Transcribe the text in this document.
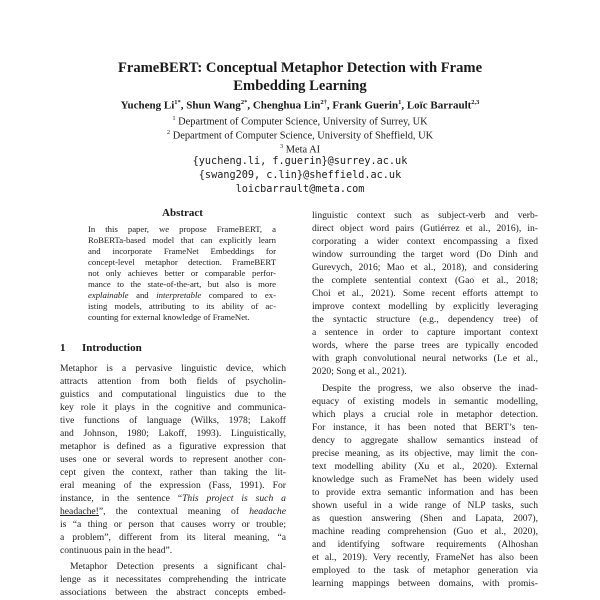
FrameBERT: Conceptual Metaphor Detection with Frame
Embedding Learning
Yucheng $Li^{1*}$, Shun Wang$^{2*}$, Chenghua Lin$^{2\dagger}$, Frank Guerin$^1$, Loïc Barrault$^{2,3}$
$^1$ Department of Computer Science, University of Surrey, UK
$^2$ Department of Computer Science, University of Sheffield, UK
$^3$ Meta AI
{yucheng.li, f.guerin}@surrey.ac.uk
{swang209, c.lin}@sheffield.ac.uk
loicbarrault@meta.com
Abstract
In this paper, we propose FrameBERT, a
RoBERTa-based model that can explicitly learn
and incorporate FrameNet Embeddings for
concept-level metaphor detection. FrameBERT
not only achieves better or comparable perfor-
mance to the state-of-the-art, but also is more
explainable and interpretable compared to ex-
isting models, attributing to its ability of ac-
counting for external knowledge of FrameNet.
1 Introduction
Metaphor is a pervasive linguistic device, which
attracts attention from both fields of psycholin-
guistics and computational linguistics due to the
key role it plays in the cognitive and communica-
tive functions of language (Wilks, 1978; Lakoff
and Johnson, 1980; Lakoff, 1993). Linguistically,
metaphor is defined as a figurative expression that
uses one or several words to represent another con-
cept given the context, rather than taking the lit-
eral meaning of the expression (Fass, 1991). For
instance, in the sentence “This project is such a
headache!”, the contextual meaning of headache
is “a thing or person that causes worry or trouble;
a problem”, different from its literal meaning, “a
continuous pain in the head”.
Metaphor Detection presents a significant chal-
lenge as it necessitates comprehending the intricate
associations between the abstract concepts embed-
linguistic context such as subject-verb and verb-
direct object word pairs (Gutiérrez et al., 2016), in-
corporating a wider context encompassing a fixed
window surrounding the target word (Do Dinh and
Gurevych, 2016; Mao et al., 2018), and considering
the complete sentential context (Gao et al., 2018;
Choi et al., 2021). Some recent efforts attempt to
improve context modelling by explicitly leveraging
the syntactic structure (e.g., dependency tree) of
a sentence in order to capture important context
words, where the parse trees are typically encoded
with graph convolutional neural networks (Le et al.,
2020; Song et al., 2021).
Despite the progress, we also observe the inad-
equacy of existing models in semantic modelling,
which plays a crucial role in metaphor detection.
For instance, it has been noted that BERT’s ten-
dency to aggregate shallow semantics instead of
precise meaning, as its objective, may limit the con-
text modelling ability (Xu et al., 2020). External
knowledge such as FrameNet has been widely used
to provide extra semantic information and has been
shown useful in a wide range of NLP tasks, such
as question answering (Shen and Lapata, 2007),
machine reading comprehension (Guo et al., 2020),
and identifying software requirements (Alhoshan
et al., 2019). Very recently, FrameNet has also been
employed to the task of metaphor generation via
learning mappings between domains, with promis-
